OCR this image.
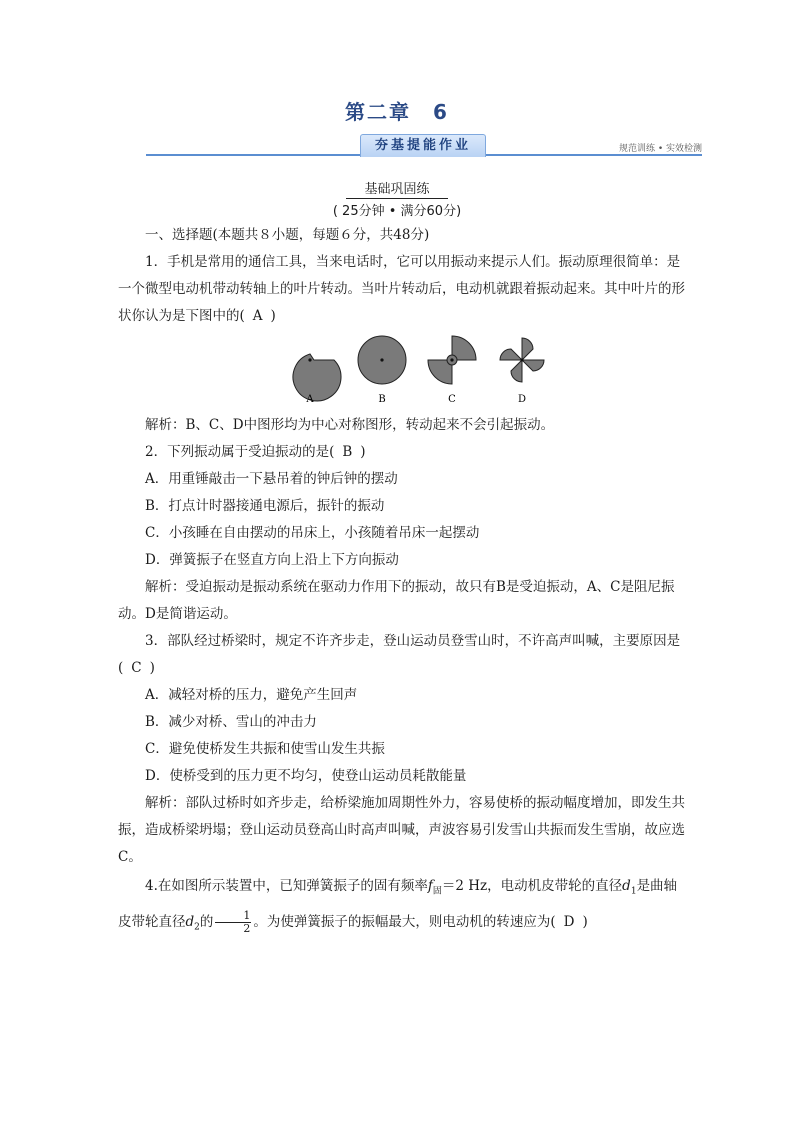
第二章　6
夯基提能作业	规范训练 • 实效检测
基础巩固练
( 25分钟 • 满分60分)

一、选择题(本题共８小题，每题６分，共48分)

1．手机是常用的通信工具，当来电话时，它可以用振动来提示人们。振动原理很简单：是一个微型电动机带动转轴上的叶片转动。当叶片转动后，电动机就跟着振动起来。其中叶片的形状你认为是下图中的( A )

A	B	C	D

解析：B、C、D中图形均为中心对称图形，转动起来不会引起振动。

2．下列振动属于受迫振动的是( B )

A．用重锤敲击一下悬吊着的钟后钟的摆动

B．打点计时器接通电源后，振针的振动

C．小孩睡在自由摆动的吊床上，小孩随着吊床一起摆动

D．弹簧振子在竖直方向上沿上下方向振动

解析：受迫振动是振动系统在驱动力作用下的振动，故只有B是受迫振动，A、C是阻尼振动。D是简谐运动。

3．部队经过桥梁时，规定不许齐步走，登山运动员登雪山时，不许高声叫喊，主要原因是( C )

A．减轻对桥的压力，避免产生回声

B．减少对桥、雪山的冲击力

C．避免使桥发生共振和使雪山发生共振

D．使桥受到的压力更不均匀，使登山运动员耗散能量

解析：部队过桥时如齐步走，给桥梁施加周期性外力，容易使桥的振动幅度增加，即发生共振，造成桥梁坍塌；登山运动员登高山时高声叫喊，声波容易引发雪山共振而发生雪崩，故应选C。

4.在如图所示装置中，已知弹簧振子的固有频率$f_固=2$ Hz，电动机皮带轮的直径$d_1$是曲轴皮带轮直径$d_2$的 $\frac{1}{2}$ 。为使弹簧振子的振幅最大，则电动机的转速应为( D )
